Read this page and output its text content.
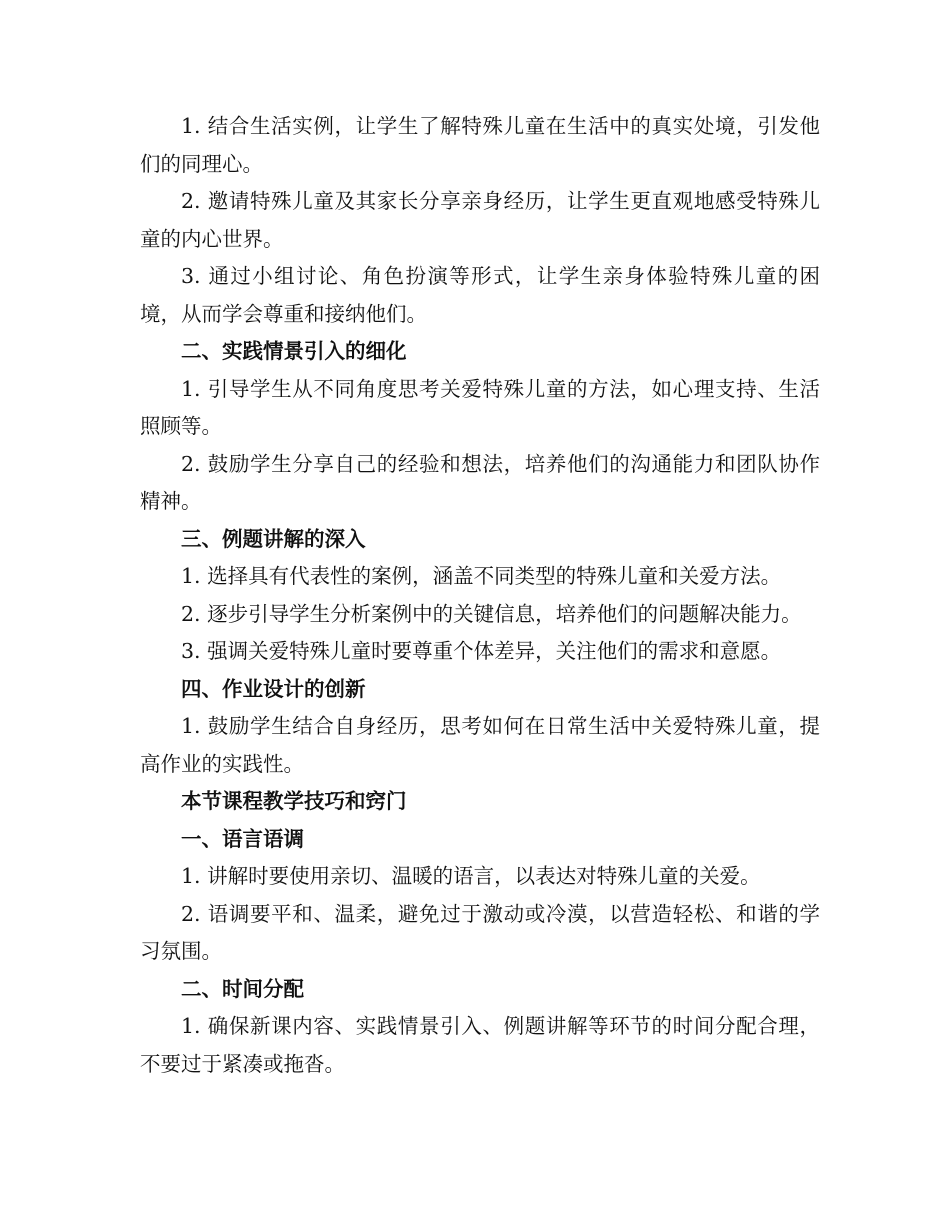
1. 结合生活实例，让学生了解特殊儿童在生活中的真实处境，引发他们的同理心。

2. 邀请特殊儿童及其家长分享亲身经历，让学生更直观地感受特殊儿童的内心世界。

3. 通过小组讨论、角色扮演等形式，让学生亲身体验特殊儿童的困境，从而学会尊重和接纳他们。

二、实践情景引入的细化

1. 引导学生从不同角度思考关爱特殊儿童的方法，如心理支持、生活照顾等。

2. 鼓励学生分享自己的经验和想法，培养他们的沟通能力和团队协作精神。

三、例题讲解的深入

1. 选择具有代表性的案例，涵盖不同类型的特殊儿童和关爱方法。

2. 逐步引导学生分析案例中的关键信息，培养他们的问题解决能力。

3. 强调关爱特殊儿童时要尊重个体差异，关注他们的需求和意愿。

四、作业设计的创新

1. 鼓励学生结合自身经历，思考如何在日常生活中关爱特殊儿童，提高作业的实践性。

本节课程教学技巧和窍门

一、语言语调

1. 讲解时要使用亲切、温暖的语言，以表达对特殊儿童的关爱。

2. 语调要平和、温柔，避免过于激动或冷漠，以营造轻松、和谐的学习氛围。

二、时间分配

1. 确保新课内容、实践情景引入、例题讲解等环节的时间分配合理，不要过于紧凑或拖沓。
